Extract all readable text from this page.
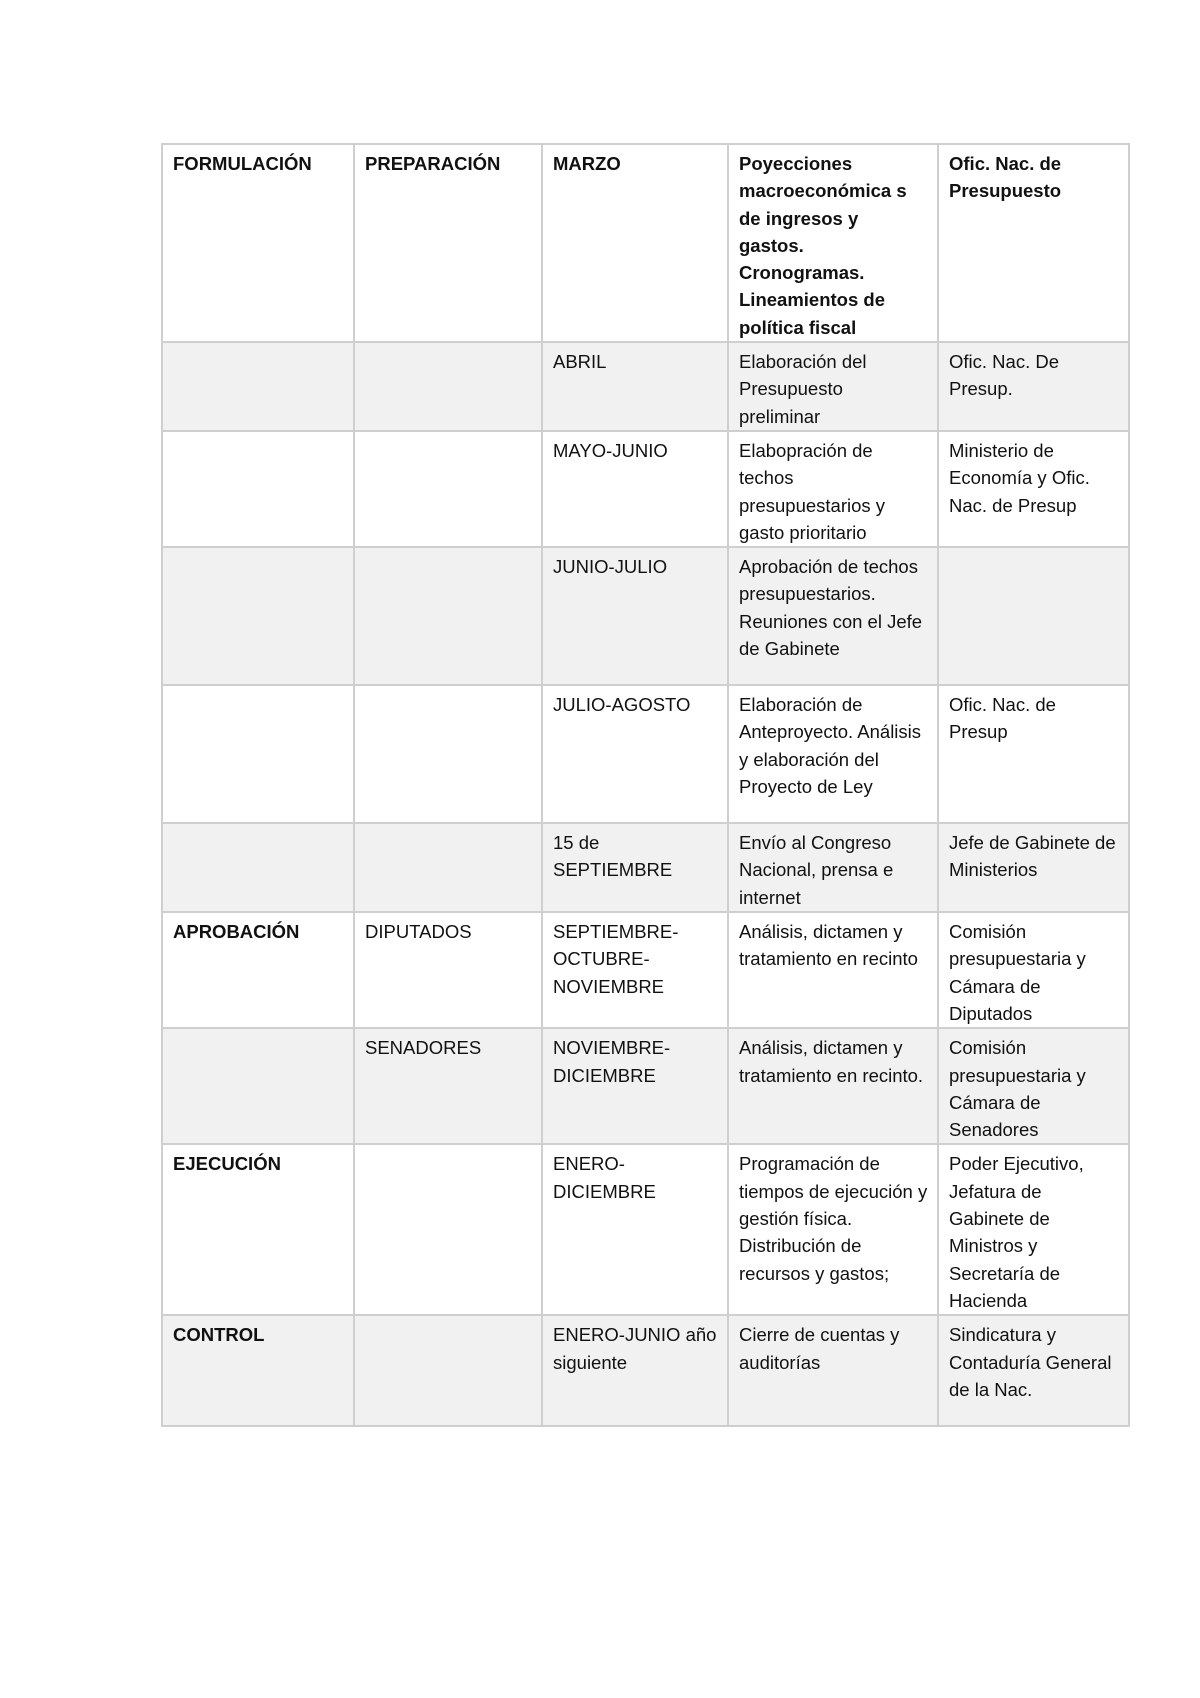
FORMULACIÓN	PREPARACIÓN	MARZO	Poyecciones macroeconómica s de ingresos y gastos. Cronogramas. Lineamientos de política fiscal	Ofic. Nac. de Presupuesto

		ABRIL	Elaboración del Presupuesto preliminar	Ofic. Nac. De Presup.

		MAYO-JUNIO	Elabopración de techos presupuestarios y gasto prioritario	Ministerio de Economía y Ofic. Nac. de Presup

		JUNIO-JULIO	Aprobación de techos presupuestarios. Reuniones con el Jefe de Gabinete	

		JULIO-AGOSTO	Elaboración de Anteproyecto. Análisis y elaboración del Proyecto de Ley	Ofic. Nac. de Presup

		15 de SEPTIEMBRE	Envío al Congreso Nacional, prensa e internet	Jefe de Gabinete de Ministerios

APROBACIÓN	DIPUTADOS	SEPTIEMBRE-
OCTUBRE-
NOVIEMBRE	Análisis, dictamen y tratamiento en recinto	Comisión presupuestaria y Cámara de Diputados

	SENADORES	NOVIEMBRE-
DICIEMBRE	Análisis, dictamen y tratamiento en recinto.	Comisión presupuestaria y Cámara de Senadores

EJECUCIÓN		ENERO-
DICIEMBRE	Programación de tiempos de ejecución y gestión física. Distribución de recursos y gastos;	Poder Ejecutivo, Jefatura de Gabinete de Ministros y Secretaría de Hacienda

CONTROL		ENERO-JUNIO año siguiente	Cierre de cuentas y auditorías	Sindicatura y Contaduría General de la Nac.
